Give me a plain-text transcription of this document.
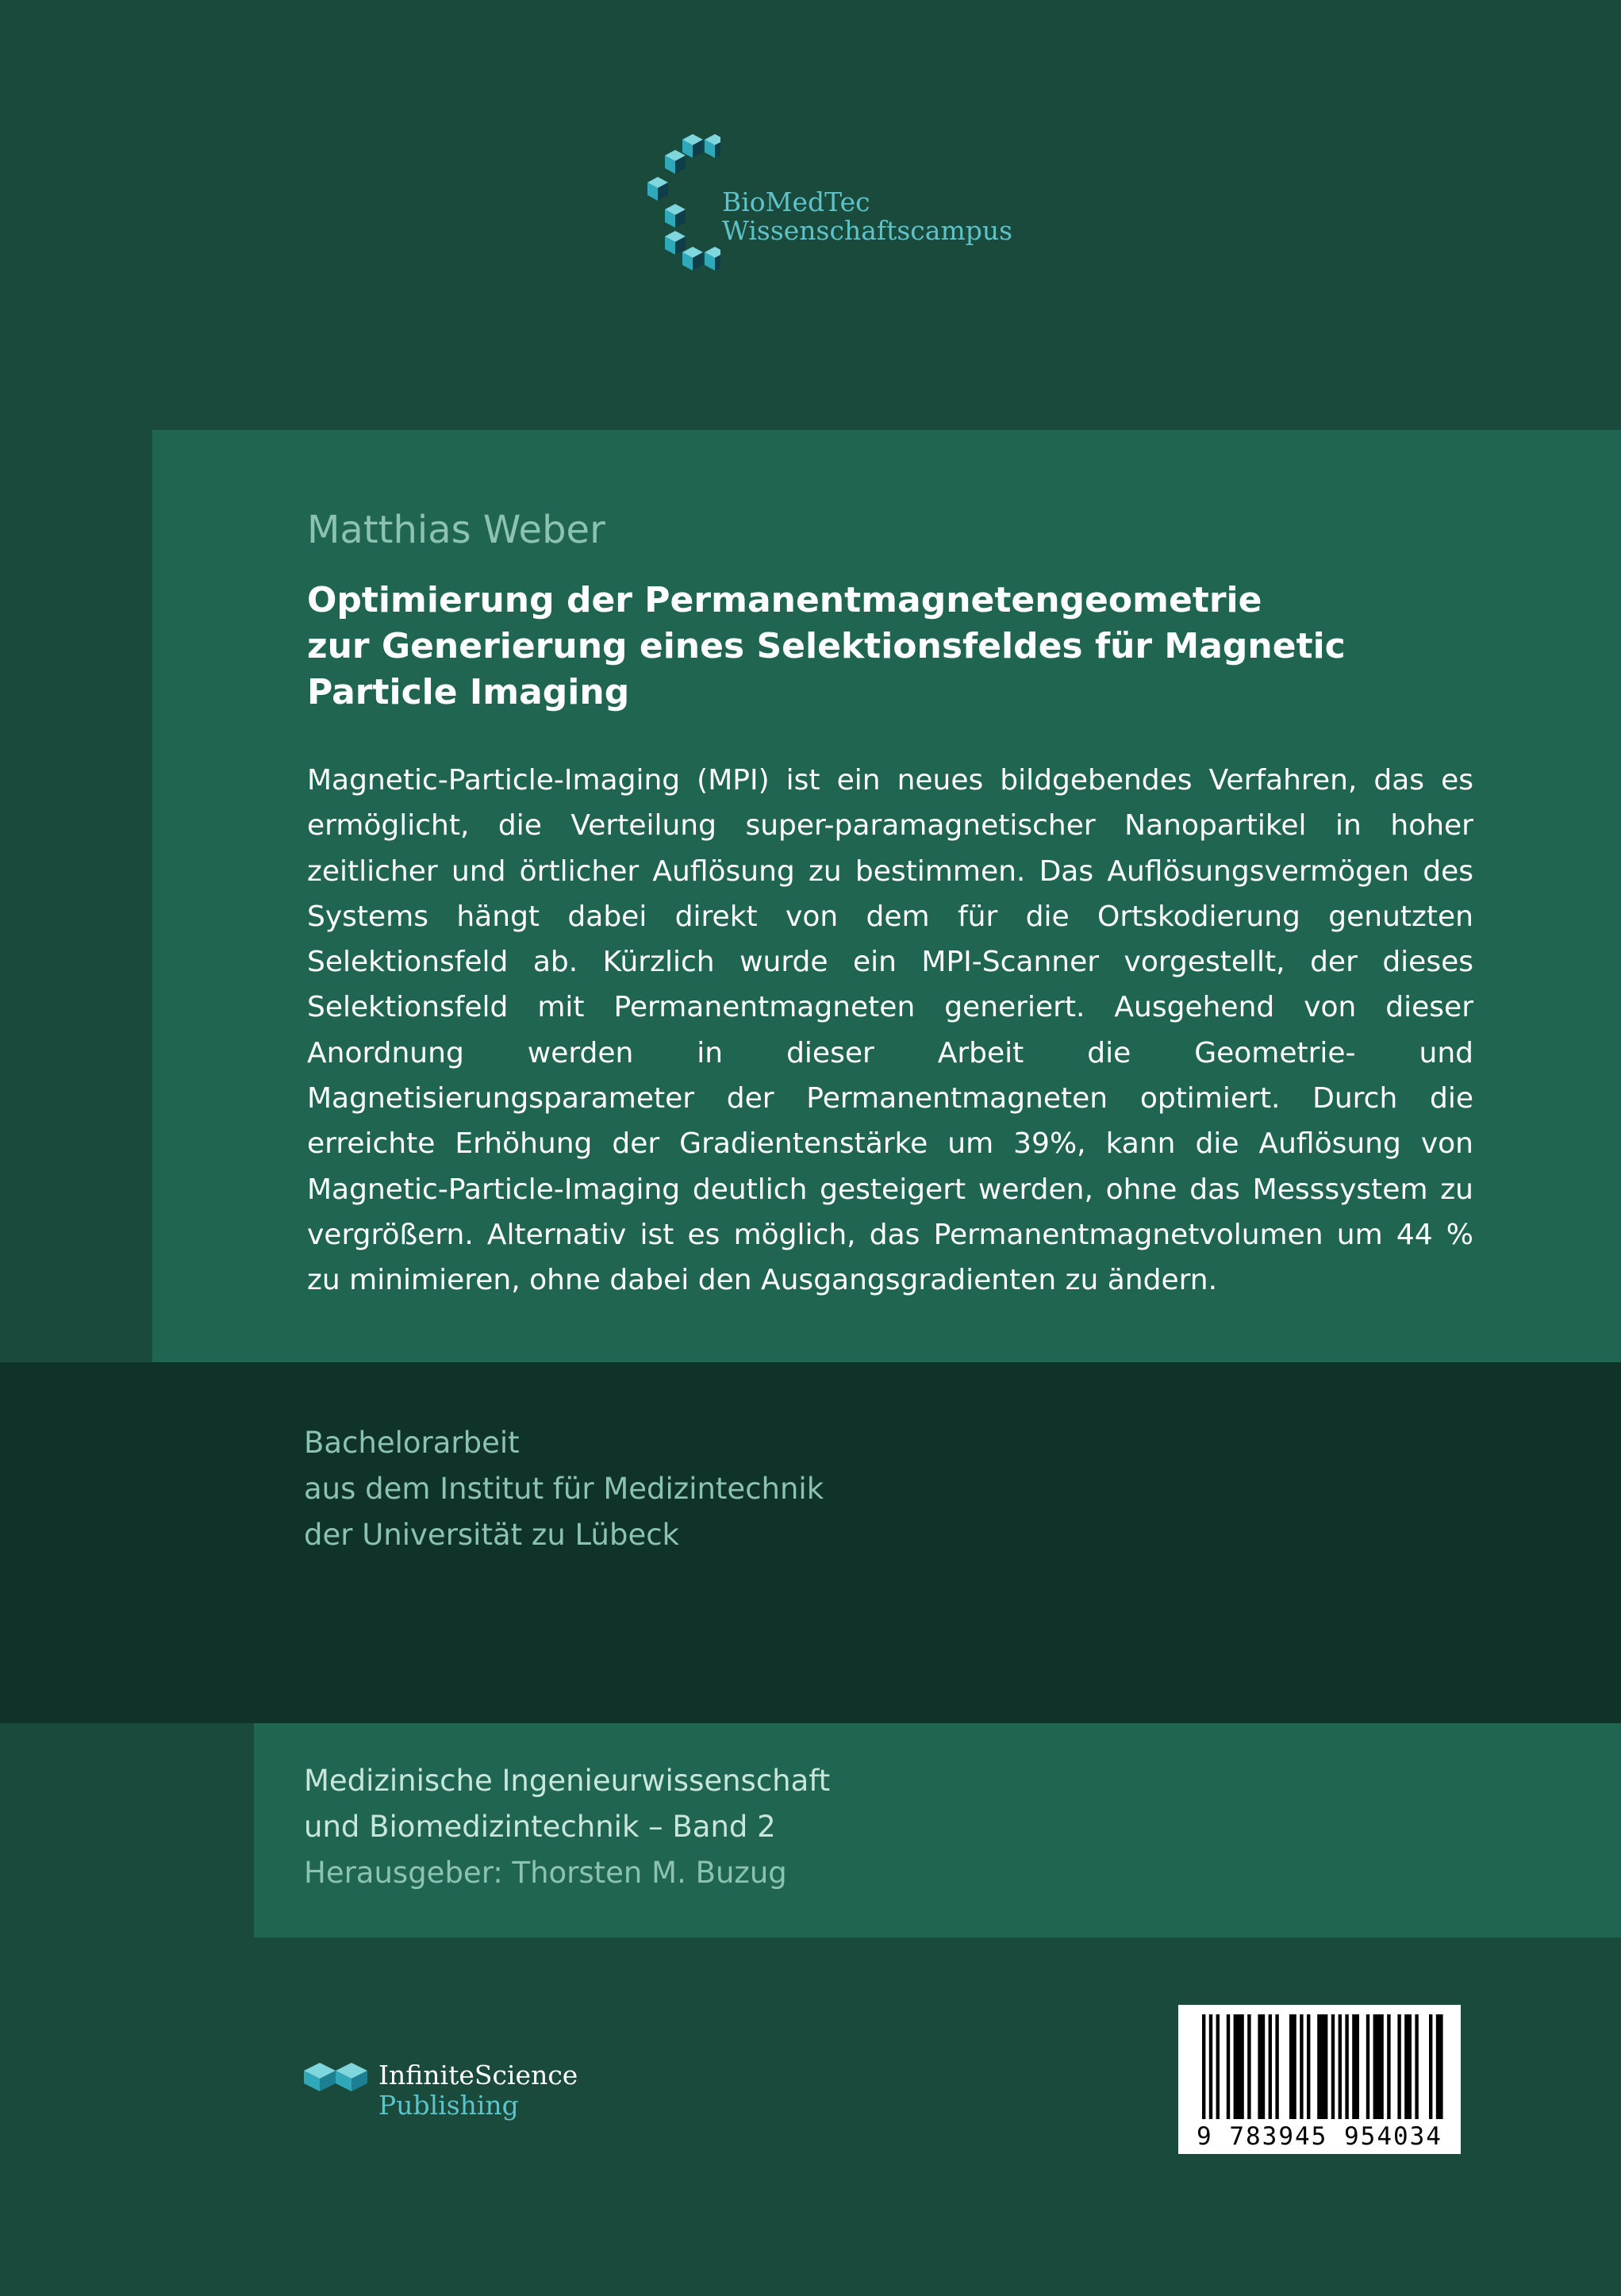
BioMedTec
Wissenschaftscampus
Matthias Weber
Optimierung der Permanentmagnetengeometrie
zur Generierung eines Selektionsfeldes für Magnetic
Particle Imaging
Magnetic-Particle-Imaging (MPI) ist ein neues bildgebendes Verfahren, das es ermöglicht, die Verteilung super-paramagnetischer Nanopartikel in hoher zeitlicher und örtlicher Auflösung zu bestimmen. Das Auflösungsvermögen des Systems hängt dabei direkt von dem für die Ortskodierung genutzten Selektionsfeld ab. Kürzlich wurde ein MPI-Scanner vorgestellt, der dieses Selektionsfeld mit Permanentmagneten generiert. Ausgehend von dieser Anordnung werden in dieser Arbeit die Geometrie- und Magnetisierungsparameter der Permanentmagneten optimiert. Durch die erreichte Erhöhung der Gradientenstärke um 39%, kann die Auflösung von Magnetic-Particle-Imaging deutlich gesteigert werden, ohne das Messsystem zu vergrößern. Alternativ ist es möglich, das Permanentmagnetvolumen um 44 % zu minimieren, ohne dabei den Ausgangsgradienten zu ändern.
Bachelorarbeit
aus dem Institut für Medizintechnik
der Universität zu Lübeck
Medizinische Ingenieurwissenschaft
und Biomedizintechnik – Band 2
Herausgeber: Thorsten M. Buzug
InfiniteScience
Publishing
9 783945 954034
